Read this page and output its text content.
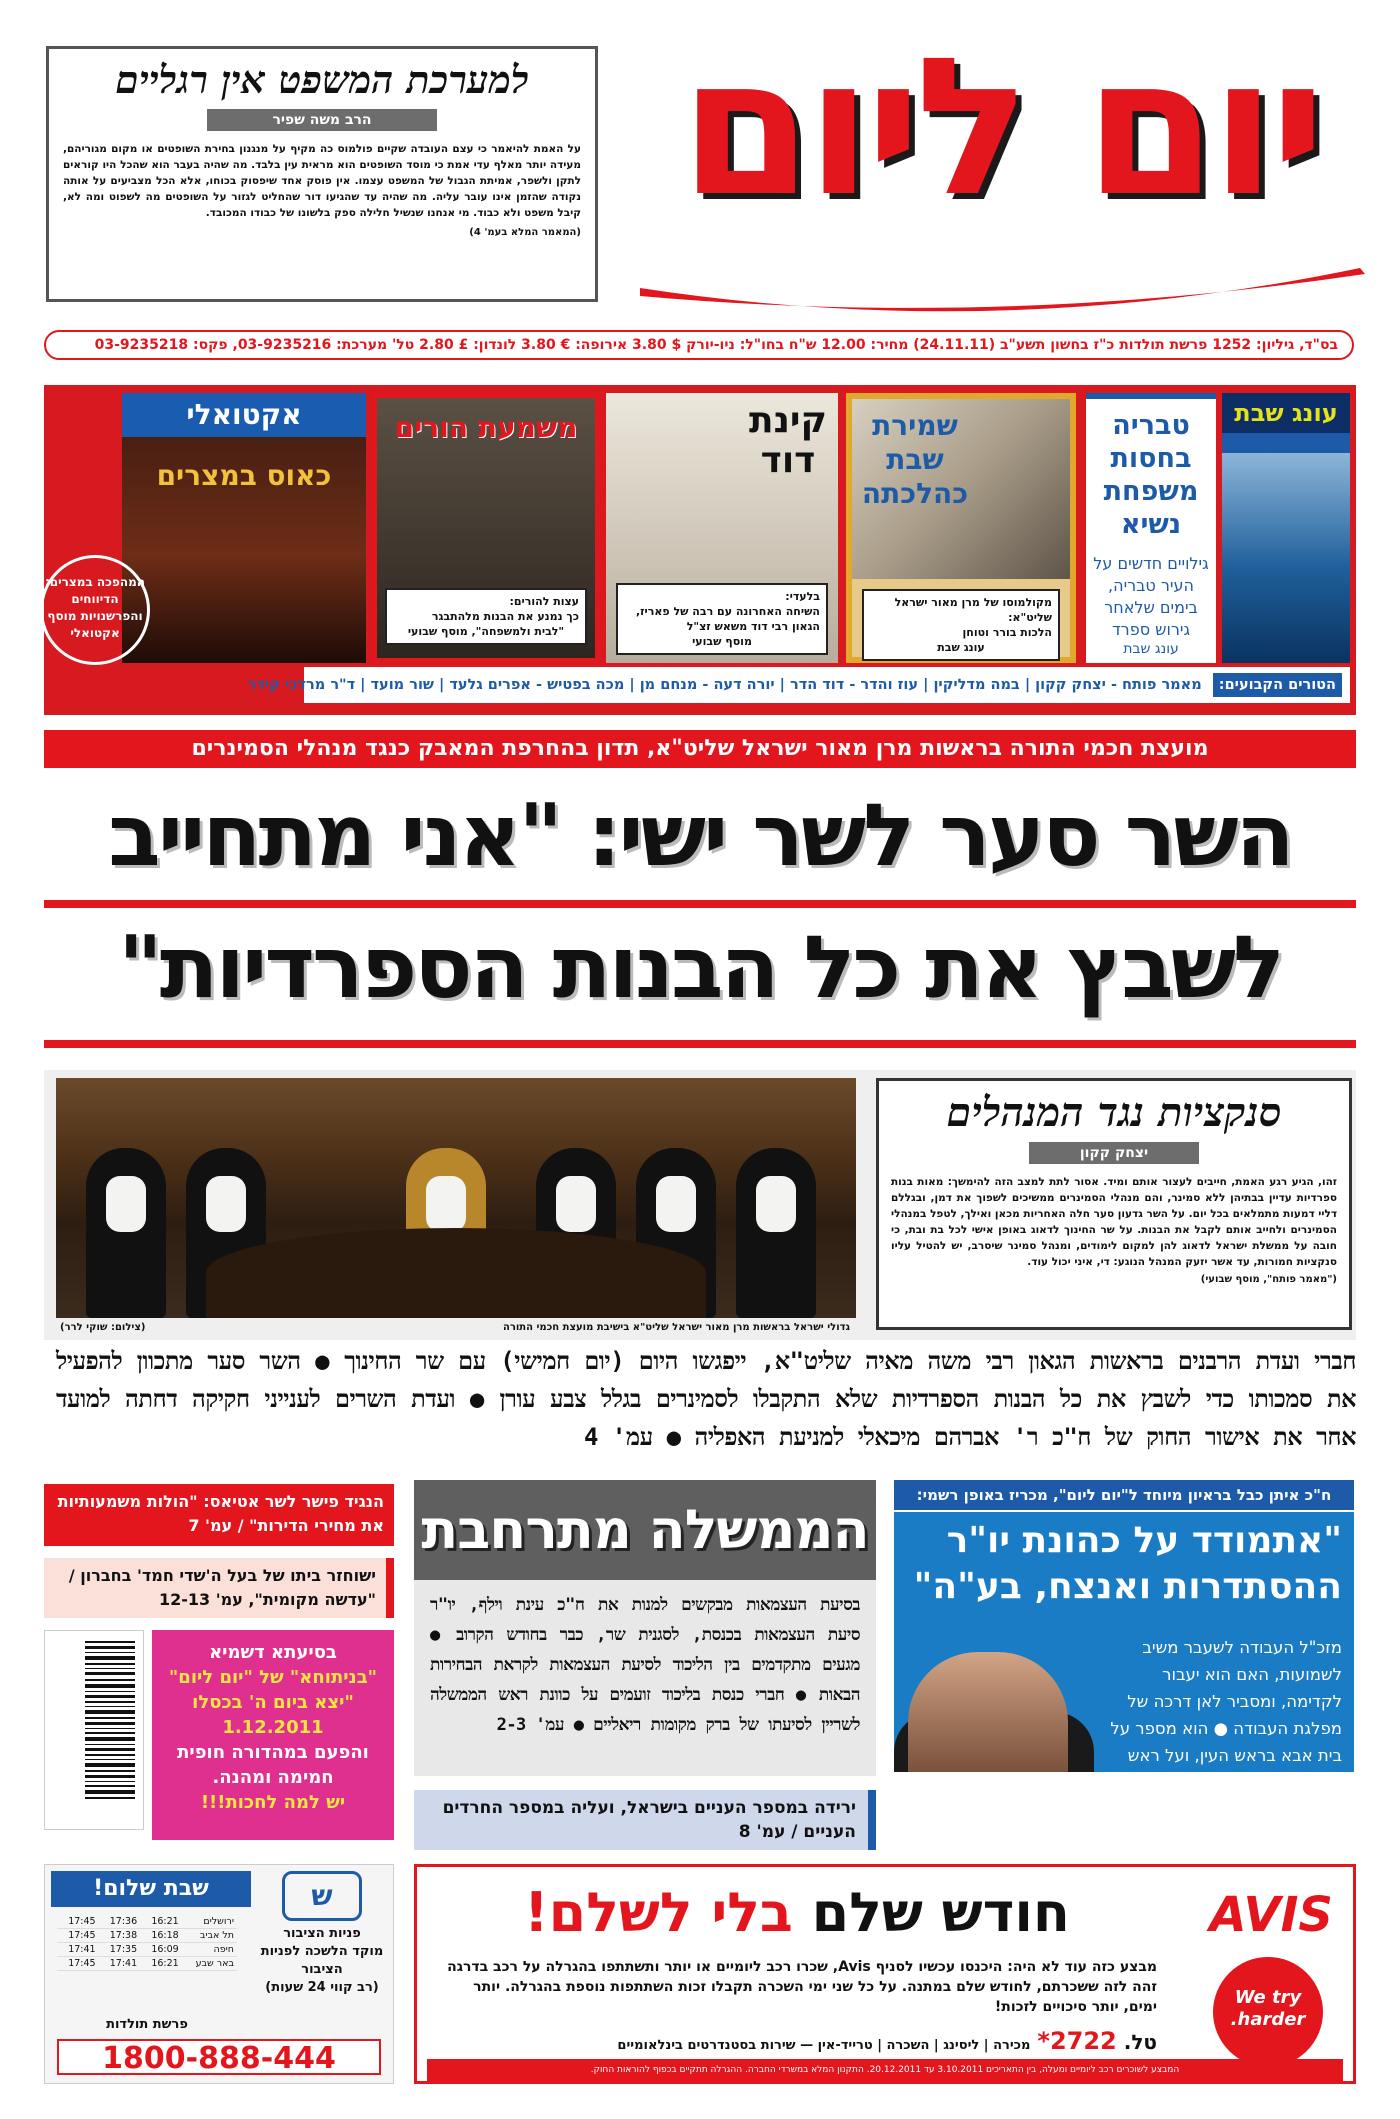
יום ליום
למערכת המשפט אין רגליים
הרב משה שפיר
על האמת להיאמר כי עצם העובדה שקיים פולמוס כה מקיף על מנגנון בחירת השופטים או מקום מגוריהם, מעידה יותר מאלף עדי אמת כי מוסד השופטים הוא מראית עין בלבד. מה שהיה בעבר הוא שהכל היו קוראים לתקן ולשפר, אמיתת הגבול של המשפט עצמו. אין פוסק אחד שיפסוק בכוחו, אלא הכל מצביעים על אותה נקודה שהזמן אינו עובר עליה. מה שהיה עד שהגיעו דור שהחליט לגזור על השופטים מה לשפוט ומה לא, קיבל משפט ולא כבוד. מי אנחנו שנשיל חלילה ספק בלשונו של כבודו המכובד.
(המאמר המלא בעמ' 4)
בס"ד, גיליון: 1252 פרשת תולדות כ"ז בחשון תשע"ב (24.11.11) מחיר: 12.00 ש"ח בחו"ל: ניו-יורק $ 3.80 אירופה: € 3.80 לונדון: £ 2.80 טל' מערכת: 03-9235216, פקס: 03-9235218
עונג שבת
טבריה בחסות משפחת נשיא
גילויים חדשים על העיר טבריה, בימים שלאחר גירוש ספרד
עונג שבת
שמירת שבת כהלכתה
מקולמוסו של מרן מאור ישראל שליט"א:
הלכות בורר וטוחן
עונג שבת
קינת דוד
בלעדי:
השיחה האחרונה עם רבה של פאריז, הגאון רבי דוד משאש זצ"ל
מוסף שבועי
משמעת הורים
עצות להורים:
כך נמנע את הבנות מלהתבגר
"לבית ולמשפחה", מוסף שבועי
אקטואלי
כאוס במצרים
המהפכה במצרים: הדיווחים והפרשנויות מוסף אקטואלי
הטורים הקבועים: מאמר פותח - יצחק קקון | במה מדליקין | עוז והדר - דוד הדר | יורה דעה - מנחם מן | מכה בפטיש - אפרים גלעד | שור מועד | ד"ר מרדכי קידר
מועצת חכמי התורה בראשות מרן מאור ישראל שליט"א, תדון בהחרפת המאבק כנגד מנהלי הסמינרים
השר סער לשר ישי: "אני מתחייב
לשבץ את כל הבנות הספרדיות"
(צילום: שוקי לרר)	גדולי ישראל בראשות מרן מאור ישראל שליט"א בישיבת מועצת חכמי התורה
סנקציות נגד המנהלים
יצחק קקון
זהו, הגיע רגע האמת, חייבים לעצור אותם ומיד. אסור לתת למצב הזה להימשך: מאות בנות ספרדיות עדיין בבתיהן ללא סמינר, והם מנהלי הסמינרים ממשיכים לשפוך את דמן, ובגללם דליי דמעות מתמלאים בכל יום. על השר גדעון סער חלה האחריות מכאן ואילך, לטפל במנהלי הסמינרים ולחייב אותם לקבל את הבנות. על שר החינוך לדאוג באופן אישי לכל בת ובת, כי חובה על ממשלת ישראל לדאוג להן למקום לימודים, ומנהל סמינר שיסרב, יש להטיל עליו סנקציות חמורות, עד אשר יזעק המנהל הנוגע: די, איני יכול עוד.
("מאמר פותח", מוסף שבועי)
חברי ועדת הרבנים בראשות הגאון רבי משה מאיה שליט"א, ייפגשו היום (יום חמישי) עם שר החינוך ● השר סער מתכוון להפעיל את סמכותו כדי לשבץ את כל הבנות הספרדיות שלא התקבלו לסמינרים בגלל צבע עורן ● ועדת השרים לענייני חקיקה דחתה למועד אחר את אישור החוק של ח"כ ר' אברהם מיכאלי למניעת האפליה ● עמ' 4
ח"כ איתן כבל בראיון מיוחד ל"יום ליום", מכריז באופן רשמי:
"אתמודד על כהונת יו"ר ההסתדרות ואנצח, בע"ה"
מזכ"ל העבודה לשעבר משיב לשמועות, האם הוא יעבור לקדימה, ומסביר לאן דרכה של מפלגת העבודה ● הוא מספר על בית אבא בראש העין, ועל ראש הישיבה הגאון הגדול רבי יששכר מאיר זצ"ל ● הראיון המלא ב"מוסף שבועי"
הממשלה מתרחבת
בסיעת העצמאות מבקשים למנות את ח"כ עינת וילף, יו"ר סיעת העצמאות בכנסת, לסגנית שר, כבר בחודש הקרוב ● מגעים מתקדמים בין הליכוד לסיעת העצמאות לקראת הבחירות הבאות ● חברי כנסת בליכוד זועמים על כוונת ראש הממשלה לשריין לסיעתו של ברק מקומות ריאליים ● עמ' 2-3
ירידה במספר העניים בישראל, ועליה במספר החרדים העניים / עמ' 8
הנגיד פישר לשר אטיאס: "הולות משמעותיות את מחירי הדירות" / עמ' 7
ישוחזר ביתו של בעל ה'שדי חמד' בחברון / "עדשה מקומית", עמ' 12-13
בסיעתא דשמיא
"בניתוחא" של "יום ליום"
"יצא ביום ה' בכסלו
1.12.2011
והפעם במהדורה חופית חמימה ומהנה.
יש למה לחכות!!!
שבת שלום!
ירושלים	16:21	17:36	17:45
תל אביב	16:18	17:38	17:45
חיפה	16:09	17:35	17:41
באר שבע	16:21	17:41	17:45
פרשת תולדות
ש
פניות הציבור
מוקד הלשכה לפניות הציבור
(רב קווי 24 שעות)
1800-888-444
AVIS
We try harder.
חודש שלם בלי לשלם!
מבצע כזה עוד לא היה: היכנסו עכשיו לסניף Avis, שכרו רכב ליומיים או יותר ותשתתפו בהגרלה על רכב בדרגה זהה לזה ששכרתם, לחודש שלם במתנה. על כל שני ימי השכרה תקבלו זכות השתתפות נוספת בהגרלה. יותר ימים, יותר סיכויים לזכות!
טל. 2722* מכירה | ליסינג | השכרה | טרייד-אין — שירות בסטנדרטים בינלאומיים
המבצע לשוכרים רכב ליומיים ומעלה, בין התאריכים 3.10.2011 עד 20.12.2011. התקנון המלא במשרדי החברה. ההגרלה תתקיים בכפוף להוראות החוק.
